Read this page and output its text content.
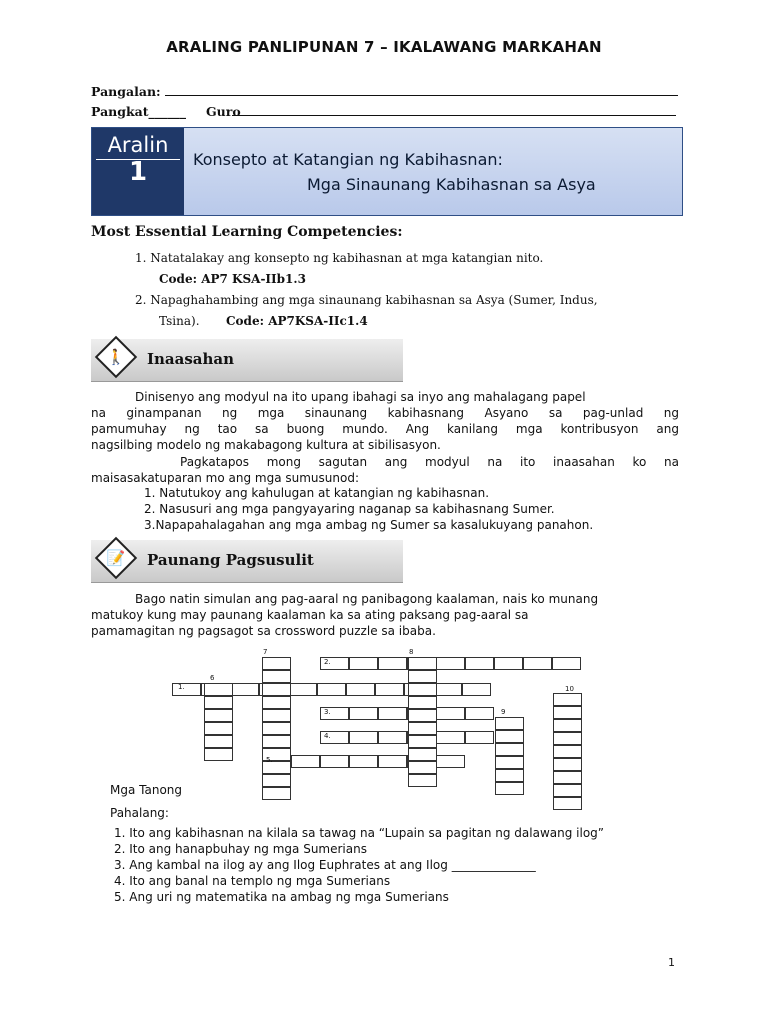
ARALING PANLIPUNAN 7 – IKALAWANG MARKAHAN
Pangalan:
Pangkat______ Guro
Aralin
1	Konsepto at Katangian ng Kabihasnan:
Mga Sinaunang Kabihasnan sa Asya
Most Essential Learning Competencies:
1. Natatalakay ang konsepto ng kabihasnan at mga katangian nito.
Code: AP7 KSA-IIb1.3
2. Napaghahambing ang mga sinaunang kabihasnan sa Asya (Sumer, Indus,
Tsina). Code: AP7KSA-IIc1.4
🚶 Inaasahan
Dinisenyo ang modyul na ito upang ibahagi sa inyo ang mahalagang papel
na ginampanan ng mga sinaunang kabihasnang Asyano sa pag-unlad ng
pamumuhay ng tao sa buong mundo. Ang kanilang mga kontribusyon ang
nagsilbing modelo ng makabagong kultura at sibilisasyon.
Pagkatapos mong sagutan ang modyul na ito inaasahan ko na
maisasakatuparan mo ang mga sumusunod:
1. Natutukoy ang kahulugan at katangian ng kabihasnan.
2. Nasusuri ang mga pangyayaring naganap sa kabihasnang Sumer.
3.Napapahalagahan ang mga ambag ng Sumer sa kasalukuyang panahon.
📝 Paunang Pagsusulit
Bago natin simulan ang pag-aaral ng panibagong kaalaman, nais ko munang
matukoy kung may paunang kaalaman ka sa ating paksang pag-aaral sa
pamamagitan ng pagsagot sa crossword puzzle sa ibaba.
1.
2.
3.
4.
5.
6
7	8
9
10
Mga Tanong
Pahalang:
1. Ito ang kabihasnan na kilala sa tawag na “Lupain sa pagitan ng dalawang ilog”
2. Ito ang hanapbuhay ng mga Sumerians
3. Ang kambal na ilog ay ang Ilog Euphrates at ang Ilog ______________
4. Ito ang banal na templo ng mga Sumerians
5. Ang uri ng matematika na ambag ng mga Sumerians
1
